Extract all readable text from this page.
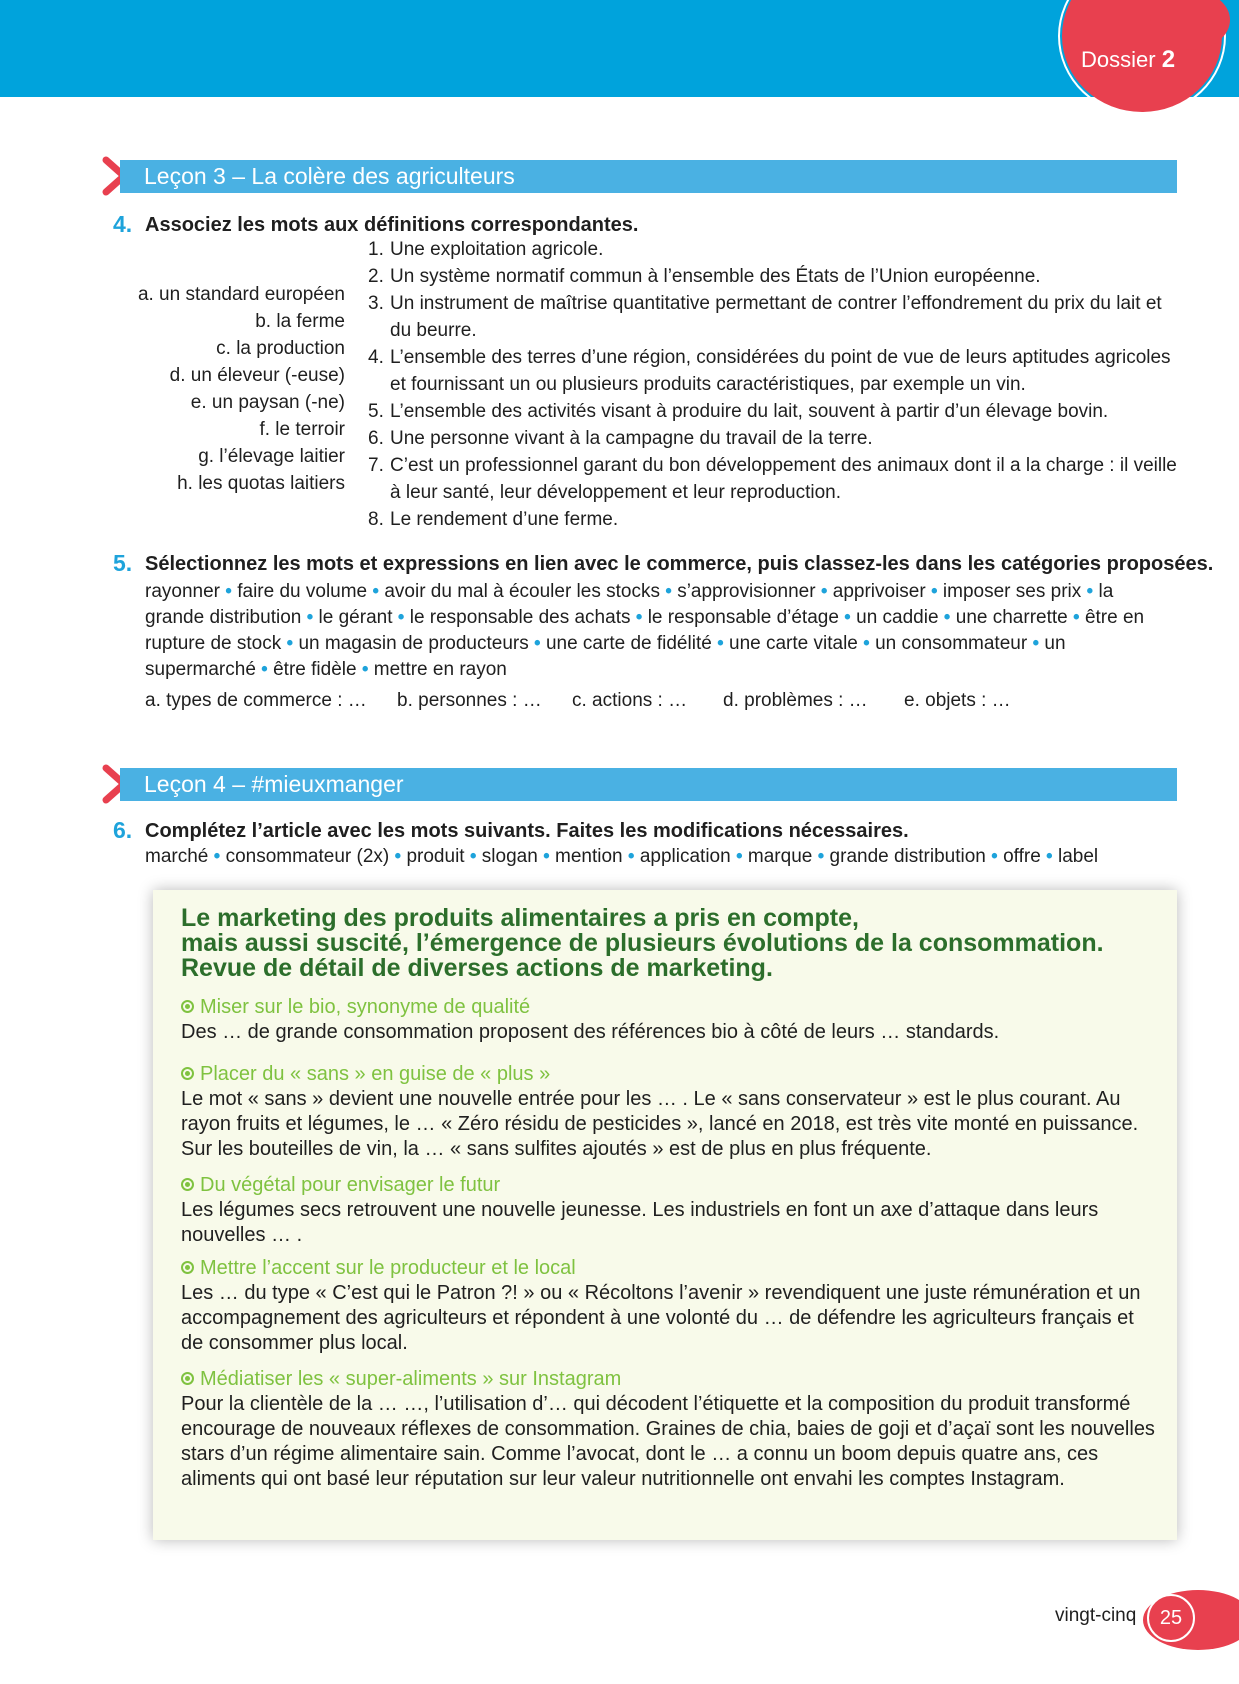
Dossier 2
Leçon 3 – La colère des agriculteurs
4. Associez les mots aux définitions correspondantes.
a. un standard européen
b. la ferme
c. la production
d. un éleveur (-euse)
e. un paysan (-ne)
f. le terroir
g. l’élevage laitier
h. les quotas laitiers
1. Une exploitation agricole.
2. Un système normatif commun à l’ensemble des États de l’Union européenne.
3. Un instrument de maîtrise quantitative permettant de contrer l’effondrement du prix du lait et du beurre.
4. L’ensemble des terres d’une région, considérées du point de vue de leurs aptitudes agricoles et fournissant un ou plusieurs produits caractéristiques, par exemple un vin.
5. L’ensemble des activités visant à produire du lait, souvent à partir d’un élevage bovin.
6. Une personne vivant à la campagne du travail de la terre.
7. C’est un professionnel garant du bon développement des animaux dont il a la charge : il veille à leur santé, leur développement et leur reproduction.
8. Le rendement d’une ferme.
5. Sélectionnez les mots et expressions en lien avec le commerce, puis classez-les dans les catégories proposées.
rayonner • faire du volume • avoir du mal à écouler les stocks • s’approvisionner • apprivoiser • imposer ses prix • la grande distribution • le gérant • le responsable des achats • le responsable d’étage • un caddie • une charrette • être en rupture de stock • un magasin de producteurs • une carte de fidélité • une carte vitale • un consommateur • un supermarché • être fidèle • mettre en rayon
a. types de commerce : … b. personnes : … c. actions : … d. problèmes : … e. objets : …
Leçon 4 – #mieuxmanger
6. Complétez l’article avec les mots suivants. Faites les modifications nécessaires.
marché • consommateur (2x) • produit • slogan • mention • application • marque • grande distribution • offre • label
Le marketing des produits alimentaires a pris en compte,
mais aussi suscité, l’émergence de plusieurs évolutions de la consommation.
Revue de détail de diverses actions de marketing.
Miser sur le bio, synonyme de qualité
Des … de grande consommation proposent des références bio à côté de leurs … standards.
Placer du « sans » en guise de « plus »
Le mot « sans » devient une nouvelle entrée pour les … . Le « sans conservateur » est le plus courant. Au rayon fruits et légumes, le … « Zéro résidu de pesticides », lancé en 2018, est très vite monté en puissance. Sur les bouteilles de vin, la … « sans sulfites ajoutés » est de plus en plus fréquente.
Du végétal pour envisager le futur
Les légumes secs retrouvent une nouvelle jeunesse. Les industriels en font un axe d’attaque dans leurs nouvelles … .
Mettre l’accent sur le producteur et le local
Les … du type « C’est qui le Patron ?! » ou « Récoltons l’avenir » revendiquent une juste rémunération et un accompagnement des agriculteurs et répondent à une volonté du … de défendre les agriculteurs français et de consommer plus local.
Médiatiser les « super-aliments » sur Instagram
Pour la clientèle de la … …, l’utilisation d’… qui décodent l’étiquette et la composition du produit transformé encourage de nouveaux réflexes de consommation. Graines de chia, baies de goji et d’açaï sont les nouvelles stars d’un régime alimentaire sain. Comme l’avocat, dont le … a connu un boom depuis quatre ans, ces aliments qui ont basé leur réputation sur leur valeur nutritionnelle ont envahi les comptes Instagram.
vingt-cinq	25
